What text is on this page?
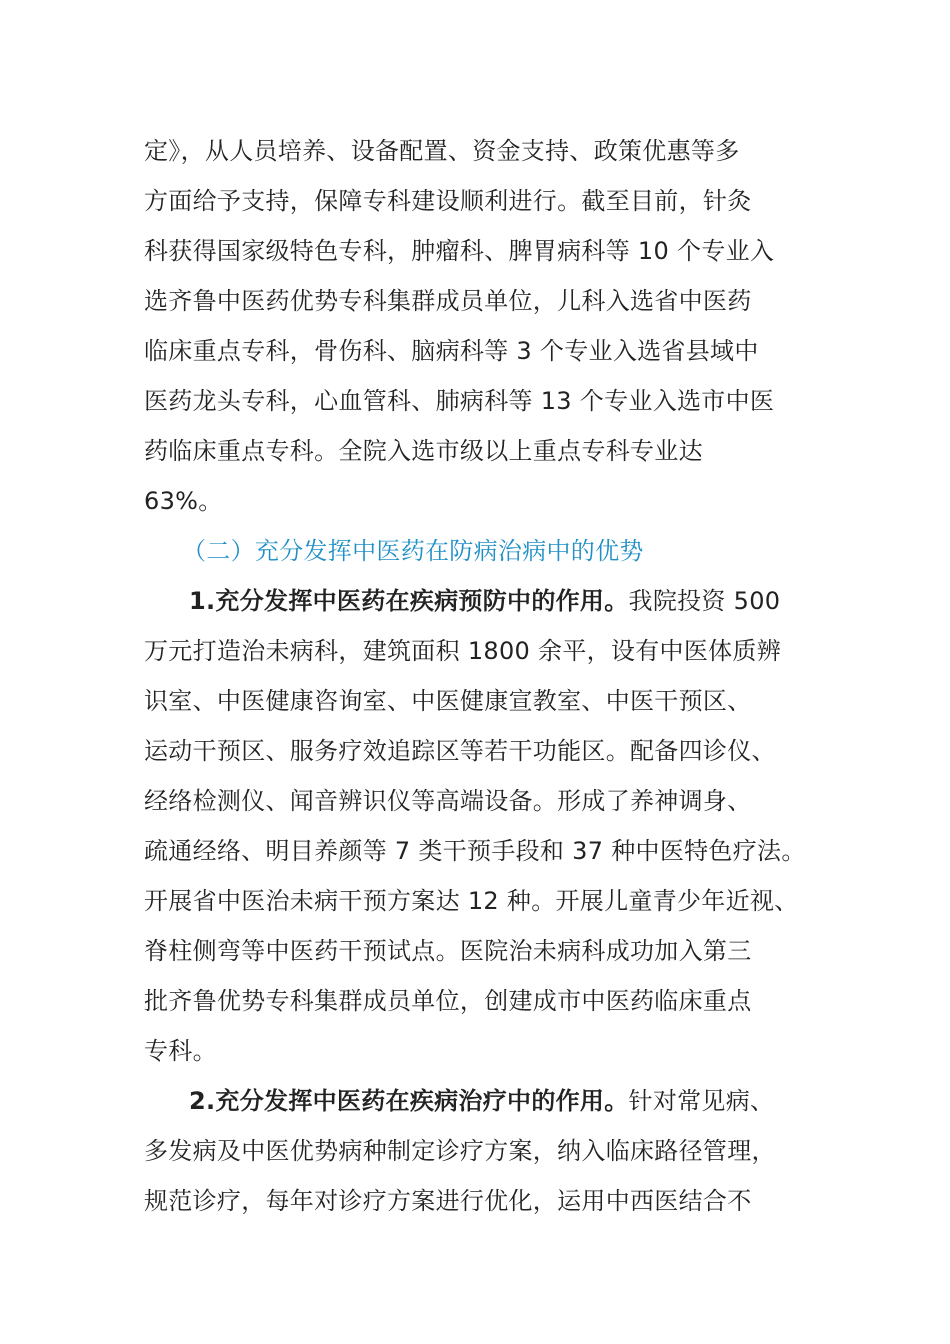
定》，从人员培养、设备配置、资金支持、政策优惠等多
方面给予支持，保障专科建设顺利进行。截至目前，针灸
科获得国家级特色专科，肿瘤科、脾胃病科等 10 个专业入
选齐鲁中医药优势专科集群成员单位，儿科入选省中医药
临床重点专科，骨伤科、脑病科等 3 个专业入选省县域中
医药龙头专科，心血管科、肺病科等 13 个专业入选市中医
药临床重点专科。全院入选市级以上重点专科专业达
63%。
（二）充分发挥中医药在防病治病中的优势
1.充分发挥中医药在疾病预防中的作用。我院投资 500
万元打造治未病科，建筑面积 1800 余平，设有中医体质辨
识室、中医健康咨询室、中医健康宣教室、中医干预区、
运动干预区、服务疗效追踪区等若干功能区。配备四诊仪、
经络检测仪、闻音辨识仪等高端设备。形成了养神调身、
疏通经络、明目养颜等 7 类干预手段和 37 种中医特色疗法。
开展省中医治未病干预方案达 12 种。开展儿童青少年近视、
脊柱侧弯等中医药干预试点。医院治未病科成功加入第三
批齐鲁优势专科集群成员单位，创建成市中医药临床重点
专科。
2.充分发挥中医药在疾病治疗中的作用。针对常见病、
多发病及中医优势病种制定诊疗方案，纳入临床路径管理，
规范诊疗，每年对诊疗方案进行优化，运用中西医结合不
